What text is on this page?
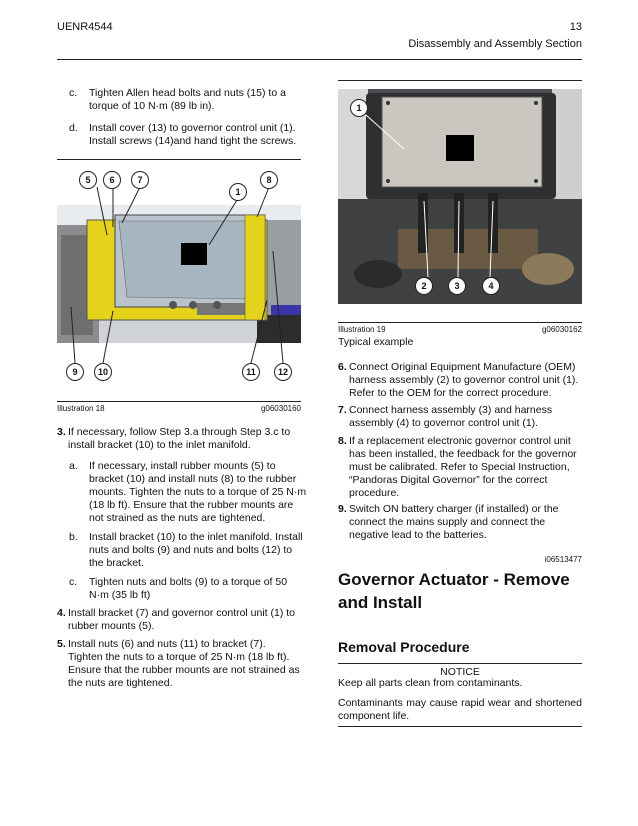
UENR4544	13
Disassembly and Assembly Section
c. Tighten Allen head bolts and nuts (15) to a torque of 10 N·m (89 lb in).
d. Install cover (13) to governor control unit (1). Install screws (14)and hand tight the screws.
5	6	7	8
1
9	10	11	12
Illustration 18	g06030160
3. If necessary, follow Step 3.a through Step 3.c to install bracket (10) to the inlet manifold.
a. If necessary, install rubber mounts (5) to bracket (10) and install nuts (8) to the rubber mounts. Tighten the nuts to a torque of 25 N·m (18 lb ft). Ensure that the rubber mounts are not strained as the nuts are tightened.
b. Install bracket (10) to the inlet manifold. Install nuts and bolts (9) and nuts and bolts (12) to the bracket.
c. Tighten nuts and bolts (9) to a torque of 50 N·m (35 lb ft)
4. Install bracket (7) and governor control unit (1) to rubber mounts (5).
5. Install nuts (6) and nuts (11) to bracket (7). Tighten the nuts to a torque of 25 N·m (18 lb ft). Ensure that the rubber mounts are not strained as the nuts are tightened.
1
2	3	4
Illustration 19	g06030162
Typical example
6. Connect Original Equipment Manufacture (OEM) harness assembly (2) to governor control unit (1). Refer to the OEM for the correct procedure.
7. Connect harness assembly (3) and harness assembly (4) to governor control unit (1).
8. If a replacement electronic governor control unit has been installed, the feedback for the governor must be calibrated. Refer to Special Instruction, “Pandoras Digital Governor” for the correct procedure.
9. Switch ON battery charger (if installed) or the connect the mains supply and connect the negative lead to the batteries.
i06513477
Governor Actuator - Remove and Install
Removal Procedure
NOTICE
Keep all parts clean from contaminants.
Contaminants may cause rapid wear and shortened component life.
